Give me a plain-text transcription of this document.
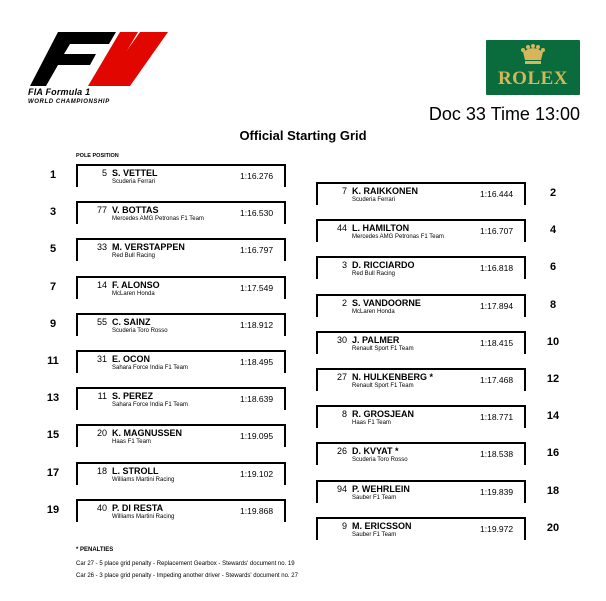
FIA Formula 1
WORLD CHAMPIONSHIP
ROLEX
Doc 33 Time 13:00
Official Starting Grid
POLE POSITION
5 S. VETTEL
Scuderia Ferrari
1:16.276
1
77 V. BOTTAS
Mercedes AMG Petronas F1 Team
1:16.530
3
33 M. VERSTAPPEN
Red Bull Racing
1:16.797
5
14 F. ALONSO
McLaren Honda
1:17.549
7
55 C. SAINZ
Scuderia Toro Rosso
1:18.912
9
31 E. OCON
Sahara Force India F1 Team
1:18.495
11
11 S. PEREZ
Sahara Force India F1 Team
1:18.639
13
20 K. MAGNUSSEN
Haas F1 Team
1:19.095
15
18 L. STROLL
Williams Martini Racing
1:19.102
17
40 P. DI RESTA
Williams Martini Racing
1:19.868
19
7 K. RAIKKONEN
Scuderia Ferrari
1:16.444	2
44 L. HAMILTON
Mercedes AMG Petronas F1 Team
1:16.707	4
3 D. RICCIARDO
Red Bull Racing
1:16.818	6
2 S. VANDOORNE
McLaren Honda
1:17.894	8
30 J. PALMER
Renault Sport F1 Team
1:18.415	10
27 N. HULKENBERG *
Renault Sport F1 Team
1:17.468	12
8 R. GROSJEAN
Haas F1 Team
1:18.771	14
26 D. KVYAT *
Scuderia Toro Rosso
1:18.538	16
94 P. WEHRLEIN
Sauber F1 Team
1:19.839	18
9 M. ERICSSON
Sauber F1 Team
1:19.972	20
* PENALTIES
Car 27 - 5 place grid penalty - Replacement Gearbox - Stewards' document no. 19
Car 26 - 3 place grid penalty - Impeding another driver - Stewards' document no. 27
